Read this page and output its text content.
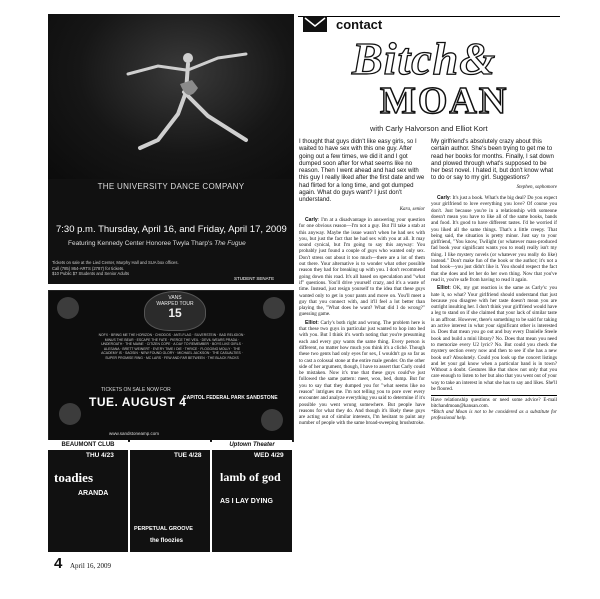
THE UNIVERSITY DANCE COMPANY
7:30 p.m. Thursday, April 16, and Friday, April 17, 2009
Featuring Kennedy Center Honoree Twyla Tharp's The Fugue
Tickets on sale at the Lied Center, Murphy Hall and SUA box offices.
Call (785) 864-ARTS (2787) for tickets.
$10 Public $7 Students and Senior Adults
STUDENT SENATE
VANS
WARPED TOUR
15
NOFX · BRING ME THE HORIZON · CHIODOS · ANTI-FLAG · SILVERSTEIN · BAD RELIGION · MINUS THE BEAR · ESCAPE THE FATE · PIERCE THE VEIL · DEVIL WEARS PRADA · UNDEROATH · THE MAINE · CITIZEN COPE · A DAY TO REMEMBER · BOYS LIKE GIRLS · ALESANA · BRETT WEINERT · EVERY TIME I DIE · THRICE · FLOGGING MOLLY · THE ACADEMY IS · SAOSIN · NEW FOUND GLORY · MICHAEL JACKSON · THE CASUALTIES · SUPER PROMISE RING · MC LARS · FEW AND FAR BETWEEN · THE BLACK PACKS
TICKETS ON SALE NOW FOR
TUE. AUGUST 4
CAPITOL FEDERAL PARK SANDSTONE
www.sandstoneamp.com
BEAUMONT CLUB
THU 4/23
toadies
ARANDA
TUE 4/28
PERPETUAL GROOVE
the floozies
Uptown Theater
WED 4/29
lamb of god
AS I LAY DYING
4 April 16, 2009
contact
Bitch&
MOAN
with Carly Halvorson and Elliot Kort
I thought that guys didn't like easy girls, so I waited to have sex with this one guy. After going out a few times, we did it and I got dumped soon after for what seems like no reason. Then I went ahead and had sex with this guy I really liked after the first date and we had flirted for a long time, and got dumped again. What do guys want? I just don't understand.
Kara, senior

Carly: I'm at a disadvantage in answering your question for one obvious reason—I'm not a guy. But I'll take a stab at this anyway. Maybe the issue wasn't when he had sex with you, but just the fact that he had sex with you at all. It may sound cynical, but I'm going to say this anyway: You probably just found a couple of guys who wanted only sex. Don't stress out about it too much—there are a lot of them out there. Your alternative is to wonder what other possible reason they had for breaking up with you. I don't recommend going down this road. It's all based on speculation and "what if" questions. You'll drive yourself crazy, and it's a waste of time. Instead, just resign yourself to the idea that these guys wanted only to get in your pants and move on. You'll meet a guy that you connect with, and it'll feel a lot better than playing the, "What does he want? What did I do wrong?" guessing game.

Elliot: Carly's both right and wrong. The problem here is that these two guys in particular just wanted to hop into bed with you. But I think it's worth noting that you're presuming each and every guy wants the same thing. Every person is different, no matter how much you think it's a cliché. Though these two gents had only eyes for sex, I wouldn't go so far as to cast a colossal stone at the entire male gender. On the other side of her argument, though, I have to assert that Carly could be mistaken. Now it's true that these guys could've just followed the same pattern: meet, woo, bed, dump. But for you to say that they dumped you for "what seems like no reason" intrigues me. I'm not telling you to pore over every encounter and analyze everything you said to determine if it's possible you went wrong somewhere. But people have reasons for what they do. And though it's likely these guys are acting out of similar interests, I'm hesitant to paint any number of people with the same broad-sweeping brushstroke.

My girlfriend's absolutely crazy about this certain author. She's been trying to get me to read her books for months. Finally, I sat down and plowed through what's supposed to be her best novel. I hated it, but don't know what to do or say to my girl. Suggestions?
Stephen, sophomore

Carly: It's just a book. What's the big deal? Do you expect your girlfriend to love everything you love? Of course you don't. Just because you're in a relationship with someone doesn't mean you have to like all of the same books, bands and food. It's good to have different tastes. I'd be worried if you liked all the same things. That's a little creepy. That being said, the situation is pretty minor. Just say to your girlfriend, "You know, Twilight (or whatever mass-produced fad book your significant wants you to read) really isn't my thing. I like mystery novels (or whatever you really do like) instead." Don't make fun of the book or the author; it's not a bad book—you just didn't like it. You should respect the fact that she does and let her do her own thing. Now that you've read it, you're safe from having to read it again.

Elliot: OK, my gut reaction is the same as Carly's: you hate it, so what? Your girlfriend should understand that just because you disagree with her taste doesn't mean you are outright insulting her. I don't think your girlfriend would have a leg to stand on if she claimed that your lack of similar taste is an affront. However, there's something to be said for taking an active interest in what your significant other is interested in. Does that mean you go out and buy every Danielle Steele book and build a mini library? No. Does that mean you need to memorize every U2 lyric? No. But could you check the mystery section every now and then to see if she has a new book out? Absolutely. Could you look up the concert listings and let your gal know when a particular band is in town? Without a doubt. Gestures like that show not only that you care enough to listen to her but also that you went out of your way to take an interest in what she has to say and likes. She'll be floored.

Have relationship questions or need some advice? E-mail bitchandmoan@kansan.com.
*Bitch and Moan is not to be considered as a substitute for professional help.
